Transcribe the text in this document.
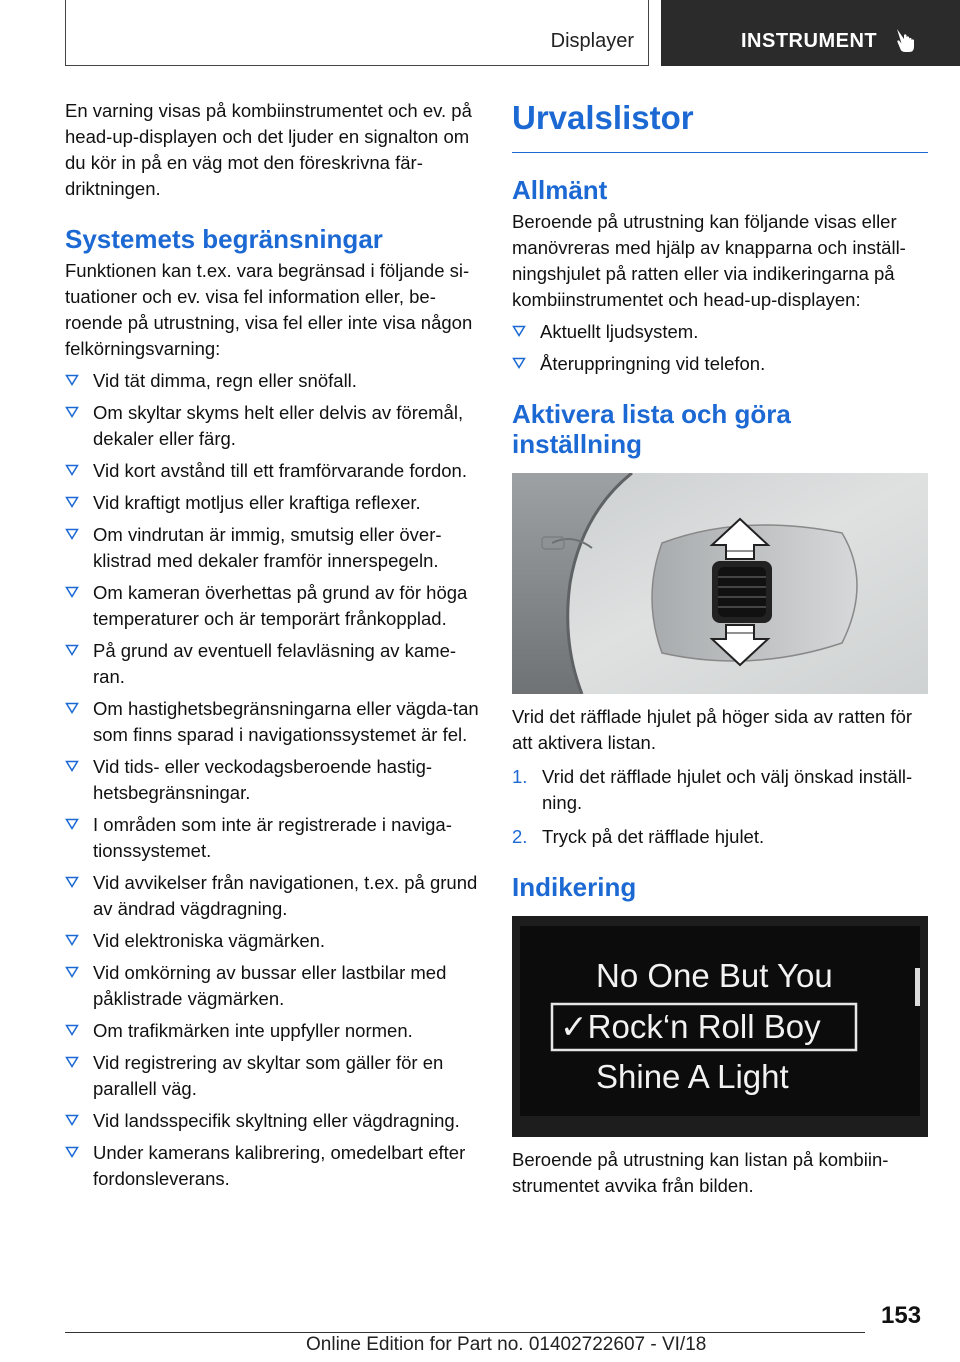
Displayer	INSTRUMENT

En varning visas på kombiinstrumentet och ev. på head-up-displayen och det ljuder en signalton om du kör in på en väg mot den föreskrivna fär-driktningen.

Systemets begränsningar

Funktionen kan t.ex. vara begränsad i följande si-tuationer och ev. visa fel information eller, be-roende på utrustning, visa fel eller inte visa någon felkörningsvarning:

Vid tät dimma, regn eller snöfall.
Om skyltar skyms helt eller delvis av föremål, dekaler eller färg.
Vid kort avstånd till ett framförvarande fordon.
Vid kraftigt motljus eller kraftiga reflexer.
Om vindrutan är immig, smutsig eller över-klistrad med dekaler framför innerspegeln.
Om kameran överhettas på grund av för höga temperaturer och är temporärt frånkopplad.
På grund av eventuell felavläsning av kame-ran.
Om hastighetsbegränsningarna eller vägda-tan som finns sparad i navigationssystemet är fel.
Vid tids- eller veckodagsberoende hastig-hetsbegränsningar.
I områden som inte är registrerade i naviga-tionssystemet.
Vid avvikelser från navigationen, t.ex. på grund av ändrad vägdragning.
Vid elektroniska vägmärken.
Vid omkörning av bussar eller lastbilar med påklistrade vägmärken.
Om trafikmärken inte uppfyller normen.
Vid registrering av skyltar som gäller för en parallell väg.
Vid landsspecifik skyltning eller vägdragning.
Under kamerans kalibrering, omedelbart efter fordonsleverans.
Urvalslistor
Allmänt

Beroende på utrustning kan följande visas eller manövreras med hjälp av knapparna och inställ-ningshjulet på ratten eller via indikeringarna på kombiinstrumentet och head-up-displayen:

Aktuellt ljudsystem.
Återuppringning vid telefon.
Aktivera lista och göra inställning

Vrid det räfflade hjulet på höger sida av ratten för att aktivera listan.

1. Vrid det räfflade hjulet och välj önskad inställ-ning.
2. Tryck på det räfflade hjulet.
Indikering
No One But You
✓Rock‘n Roll Boy
Shine A Light

Beroende på utrustning kan listan på kombiin-strumentet avvika från bilden.

153
Online Edition for Part no. 01402722607 - VI/18
